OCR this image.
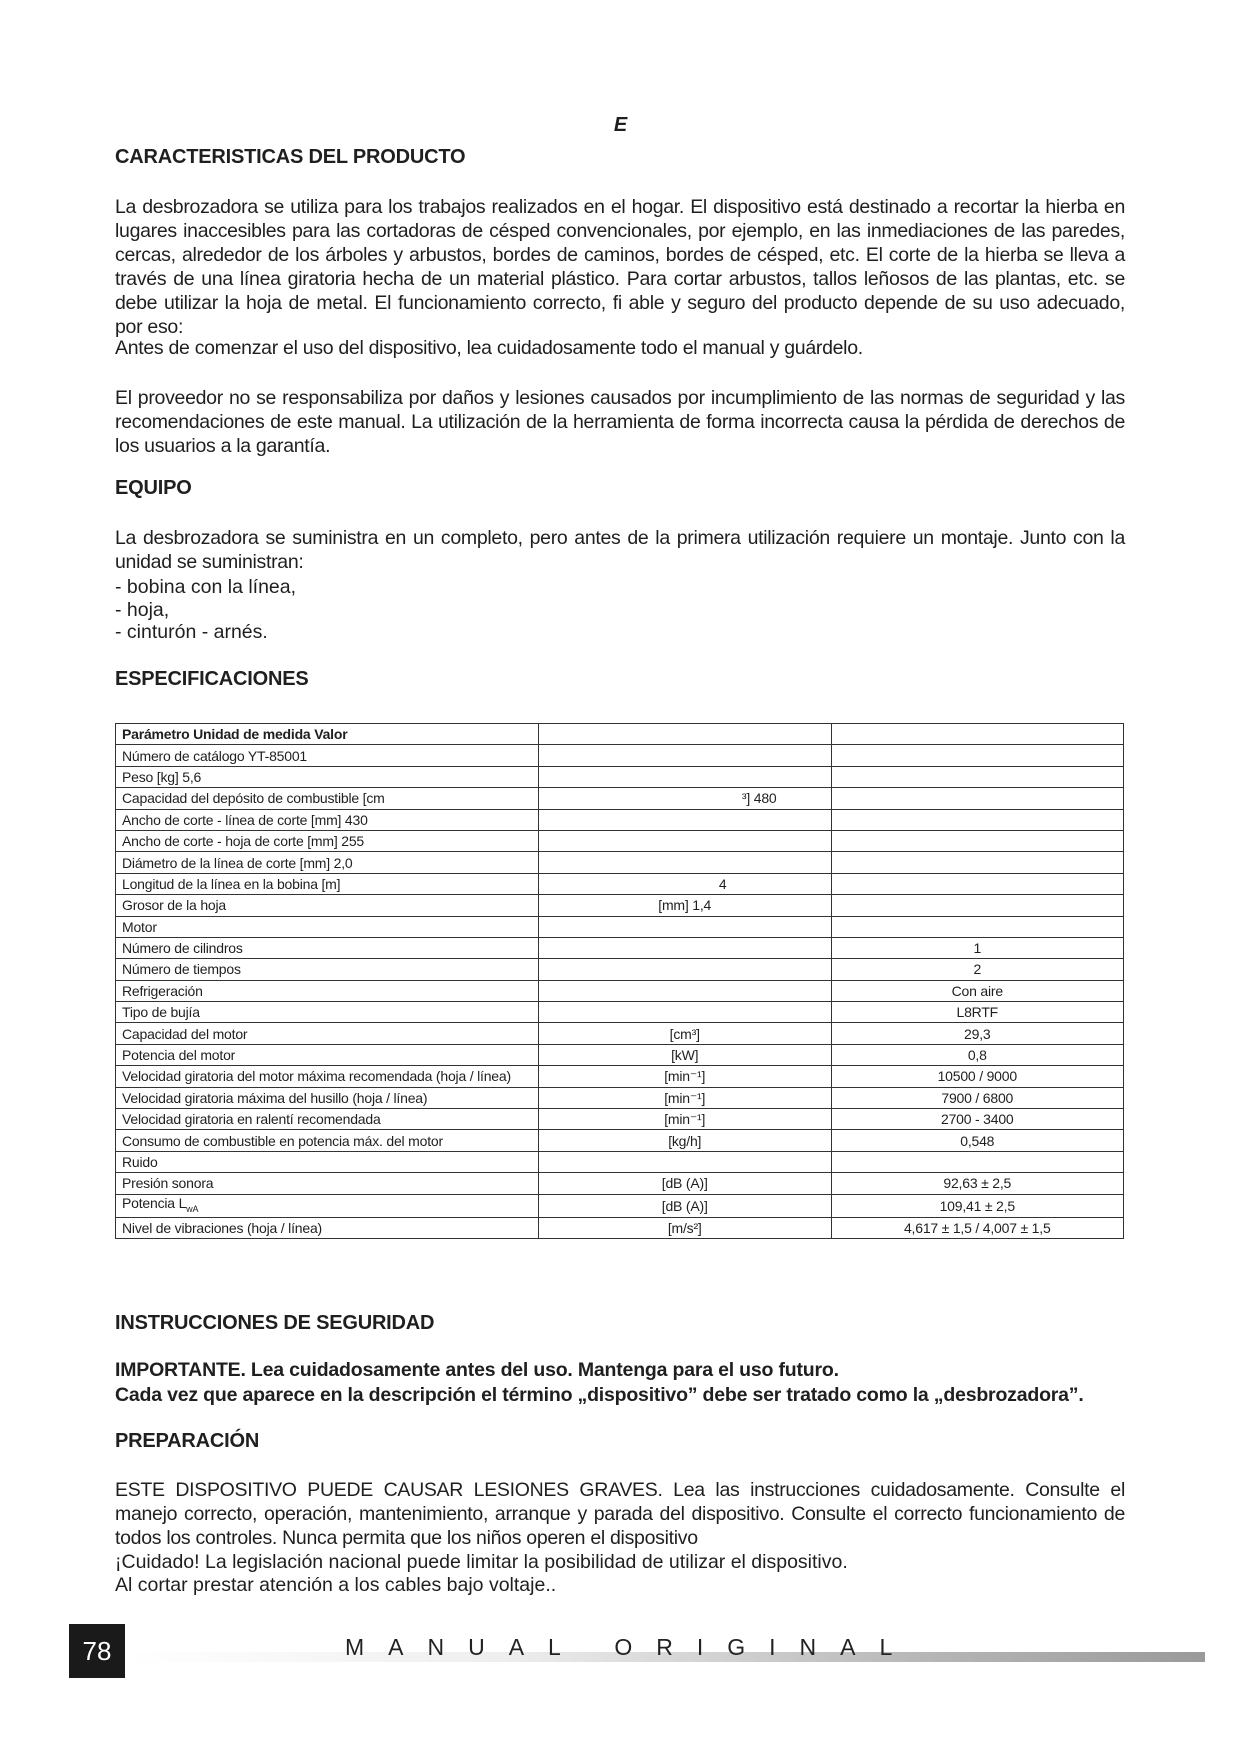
E
CARACTERISTICAS DEL PRODUCTO
La desbrozadora se utiliza para los trabajos realizados en el hogar. El dispositivo está destinado a recortar la hierba en lugares inaccesibles para las cortadoras de césped convencionales, por ejemplo, en las inmediaciones de las paredes, cercas, alrededor de los árboles y arbustos, bordes de caminos, bordes de césped, etc. El corte de la hierba se lleva a través de una línea giratoria hecha de un material plástico. Para cortar arbustos, tallos leñosos de las plantas, etc. se debe utilizar la hoja de metal. El funcionamiento correcto, fi able y seguro del producto depende de su uso adecuado, por eso:
Antes de comenzar el uso del dispositivo, lea cuidadosamente todo el manual y guárdelo.
El proveedor no se responsabiliza por daños y lesiones causados por incumplimiento de las normas de seguridad y las recomendaciones de este manual. La utilización de la herramienta de forma incorrecta causa la pérdida de derechos de los usuarios a la garantía.
EQUIPO
La desbrozadora se suministra en un completo, pero antes de la primera utilización requiere un montaje. Junto con la unidad se suministran:
- bobina con la línea,
- hoja,
- cinturón - arnés.
ESPECIFICACIONES
Parámetro Unidad de medida Valor		
Número de catálogo YT-85001		
Peso [kg] 5,6		
Capacidad del depósito de combustible [cm	³] 480	
Ancho de corte - línea de corte [mm] 430		
Ancho de corte - hoja de corte [mm] 255		
Diámetro de la línea de corte [mm] 2,0		
Longitud de la línea en la bobina [m]	4	
Grosor de la hoja	[mm] 1,4	
Motor		
Número de cilindros		1
Número de tiempos		2
Refrigeración		Con aire
Tipo de bujía		L8RTF
Capacidad del motor	[cm³]	29,3
Potencia del motor	[kW]	0,8
Velocidad giratoria del motor máxima recomendada (hoja / línea)	[min⁻¹]	10500 / 9000
Velocidad giratoria máxima del husillo (hoja / línea)	[min⁻¹]	7900 / 6800
Velocidad giratoria en ralentí recomendada	[min⁻¹]	2700 - 3400
Consumo de combustible en potencia máx. del motor	[kg/h]	0,548
Ruido		
Presión sonora	[dB (A)]	92,63 ± 2,5
Potencia $L_{wA}$	[dB (A)]	109,41 ± 2,5
Nivel de vibraciones (hoja / línea)	[m/s²]	4,617 ± 1,5 / 4,007 ± 1,5
INSTRUCCIONES DE SEGURIDAD
IMPORTANTE. Lea cuidadosamente antes del uso. Mantenga para el uso futuro.
Cada vez que aparece en la descripción el término „dispositivo” debe ser tratado como la „desbrozadora”.
PREPARACIÓN
ESTE DISPOSITIVO PUEDE CAUSAR LESIONES GRAVES. Lea las instrucciones cuidadosamente. Consulte el manejo correcto, operación, mantenimiento, arranque y parada del dispositivo. Consulte el correcto funcionamiento de todos los controles. Nunca permita que los niños operen el dispositivo
¡Cuidado! La legislación nacional puede limitar la posibilidad de utilizar el dispositivo.
Al cortar prestar atención a los cables bajo voltaje..
78	MANUAL ORIGINAL
